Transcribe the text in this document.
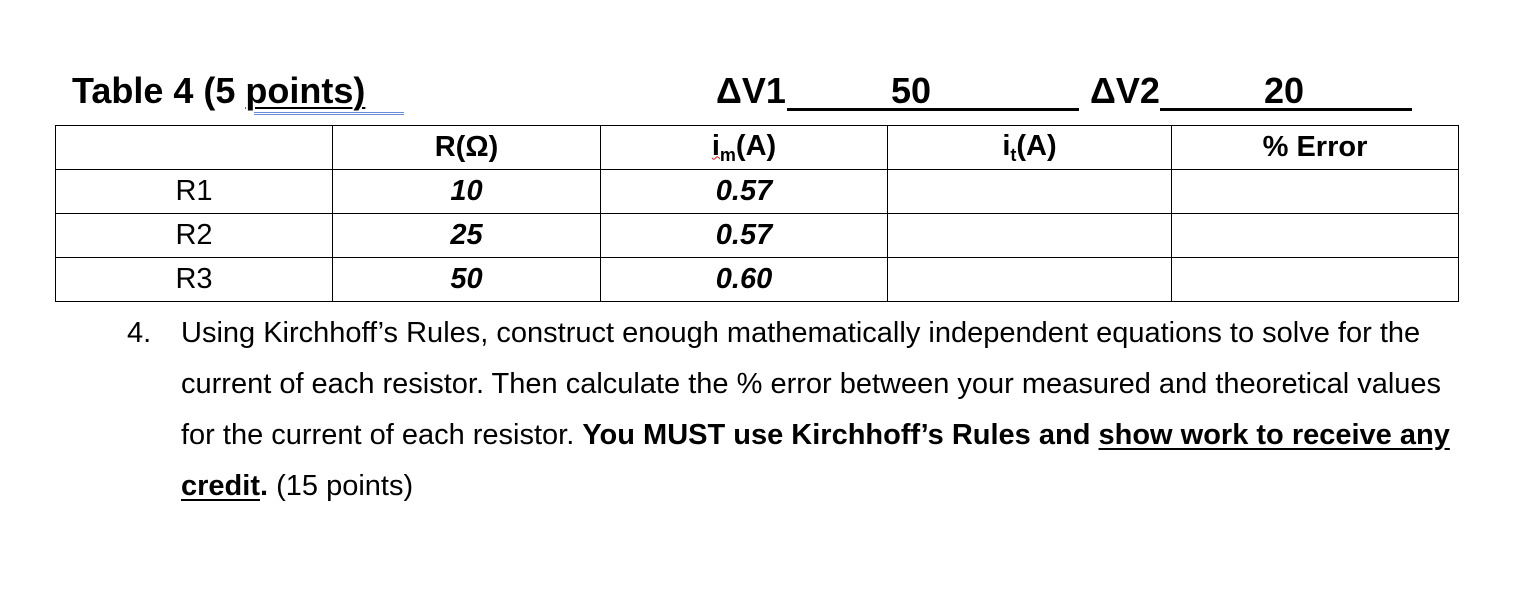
Table 4 (5 points)	ΔV1	50	ΔV2	20
	R(Ω)	$i_m(A)$	$i_t(A)$	% Error
R1	10	0.57		
R2	25	0.57		
R3	50	0.60		
4. Using Kirchhoff’s Rules, construct enough mathematically independent equations to solve for the current of each resistor. Then calculate the % error between your measured and theoretical values for the current of each resistor. You MUST use Kirchhoff’s Rules and show work to receive any credit. (15 points)
